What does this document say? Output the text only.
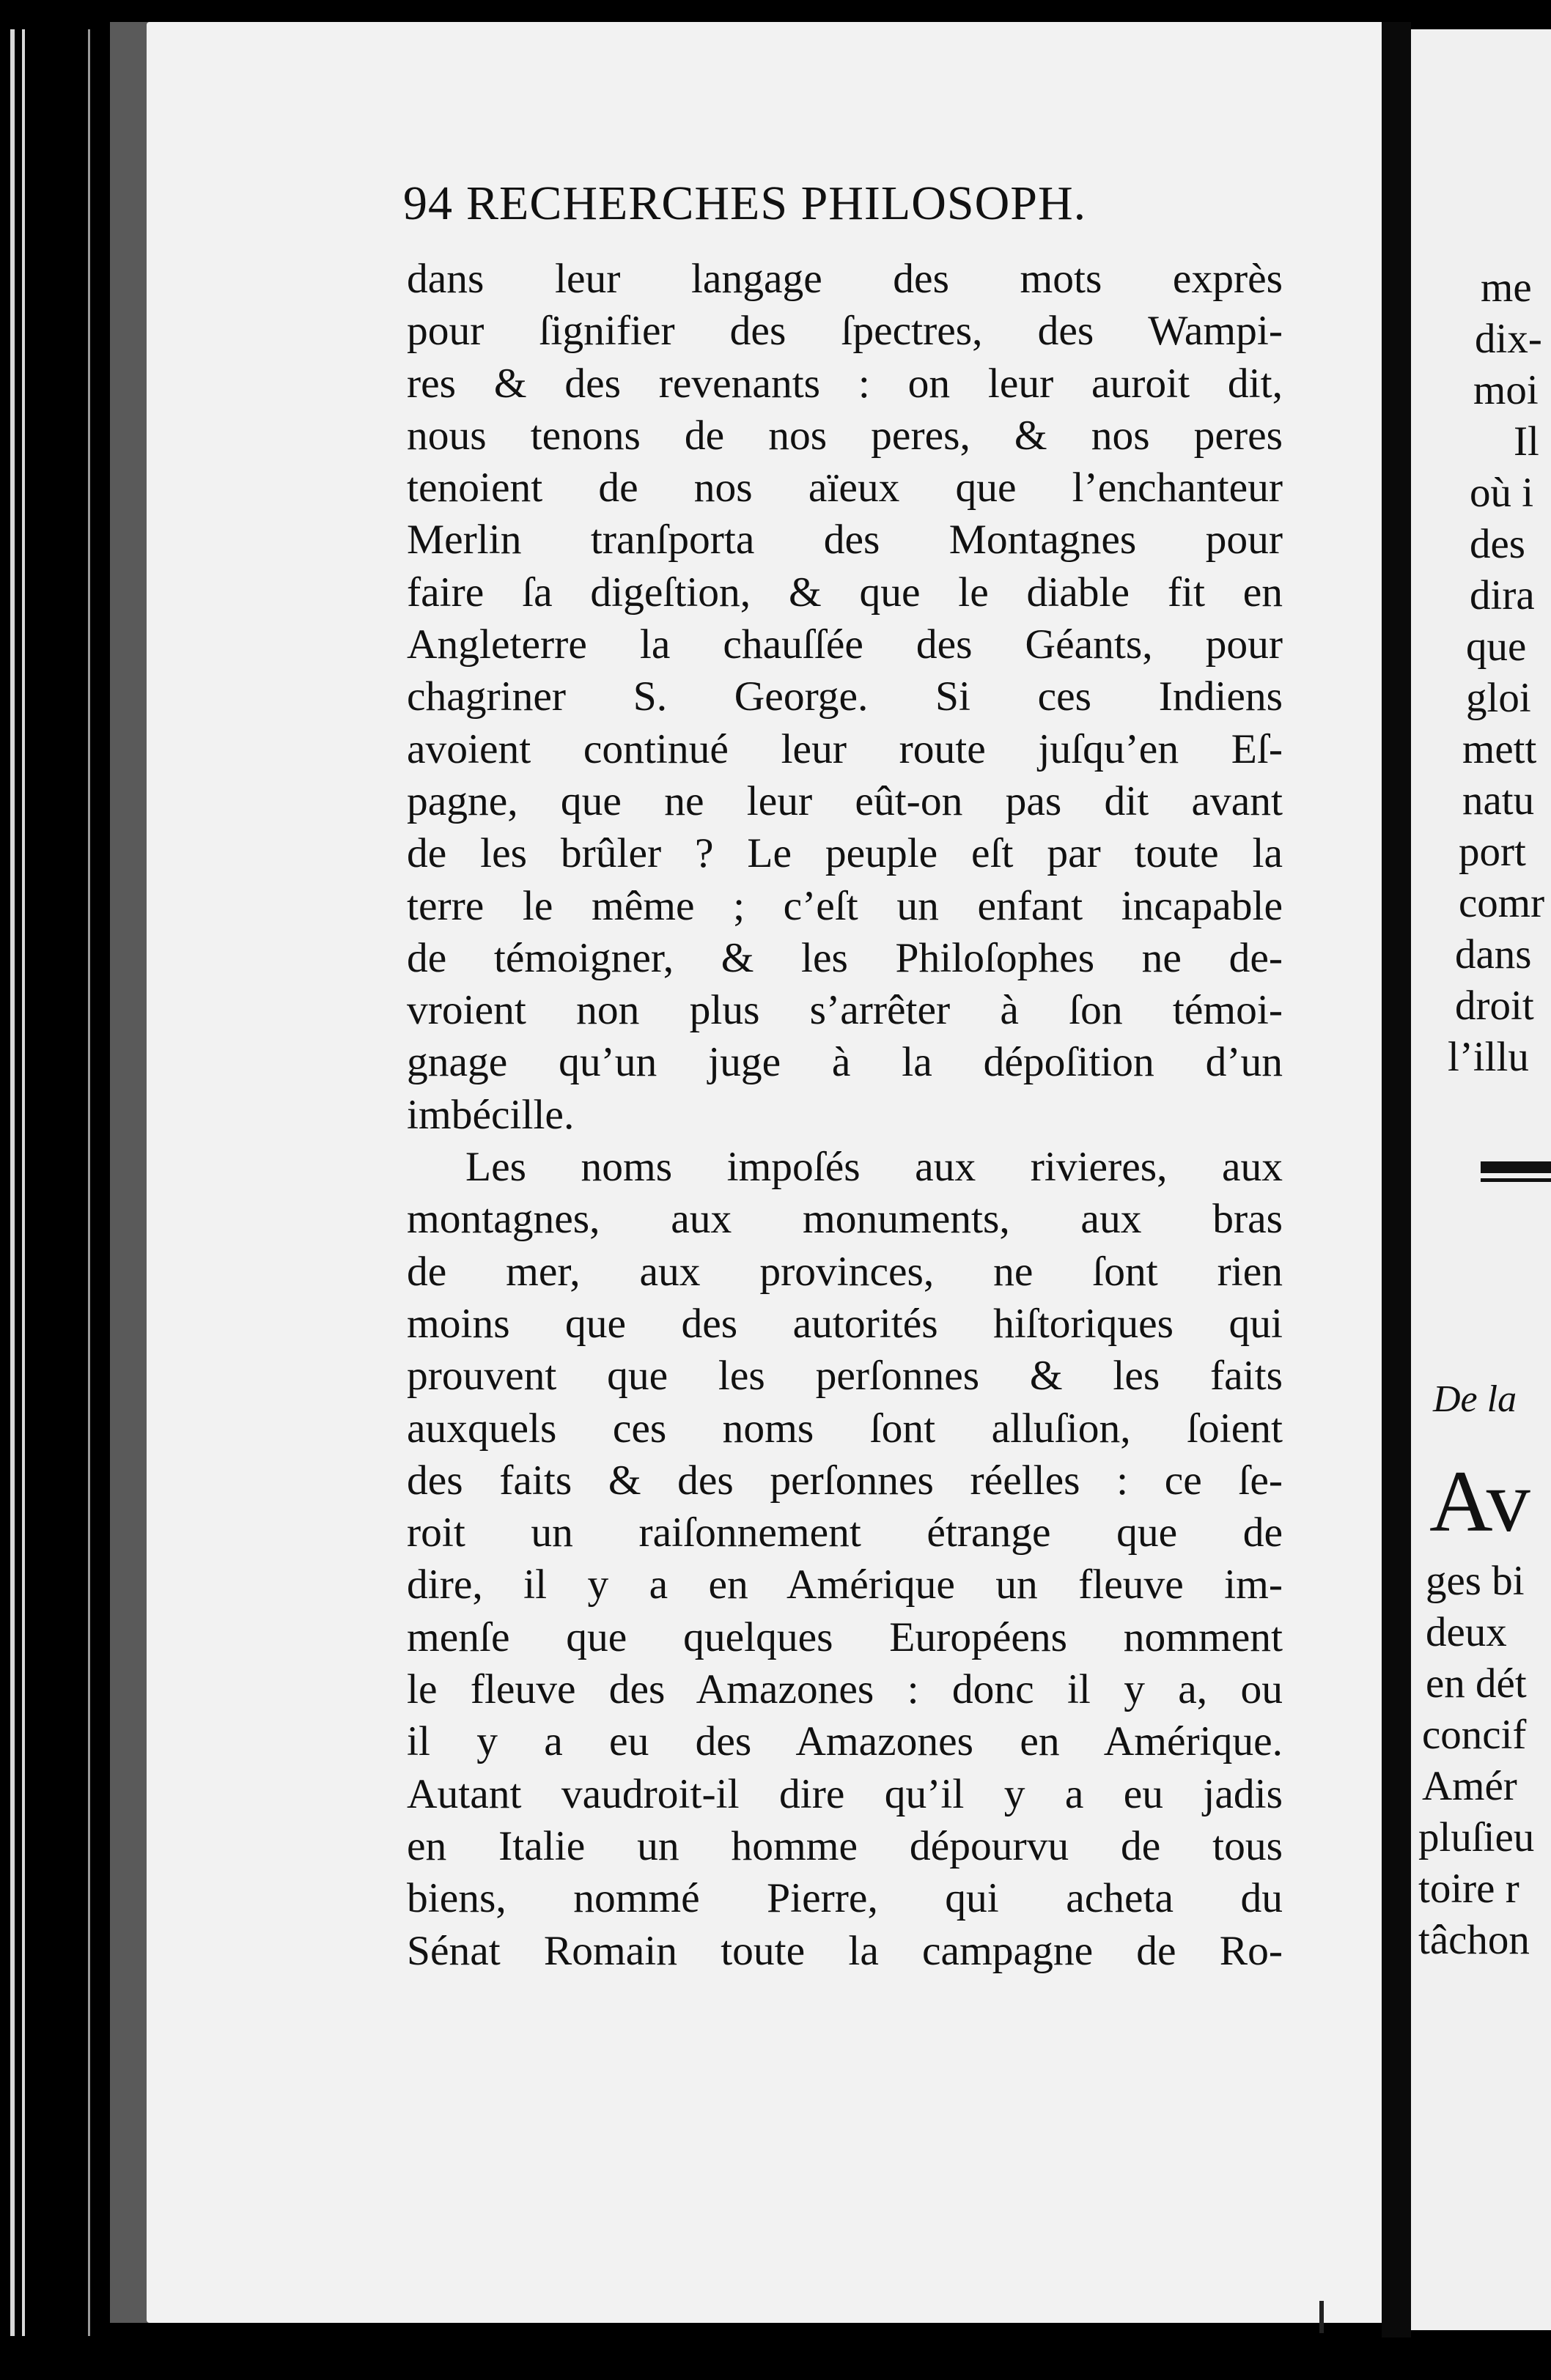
94 RECHERCHES PHILOSOPH.
dans leur langage des mots exprès
pour ſignifier des ſpectres, des Wampi-
res & des revenants : on leur auroit dit,
nous tenons de nos peres, & nos peres
tenoient de nos aïeux que l’enchanteur
Merlin tranſporta des Montagnes pour
faire ſa digeſtion, & que le diable fit en
Angleterre la chauſſée des Géants, pour
chagriner S. George. Si ces Indiens
avoient continué leur route juſqu’en Eſ-
pagne, que ne leur eût-on pas dit avant
de les brûler ? Le peuple eſt par toute la
terre le même ; c’eſt un enfant incapable
de témoigner, & les Philoſophes ne de-
vroient non plus s’arrêter à ſon témoi-
gnage qu’un juge à la dépoſition d’un
imbécille.
Les noms impoſés aux rivieres, aux
montagnes, aux monuments, aux bras
de mer, aux provinces, ne ſont rien
moins que des autorités hiſtoriques qui
prouvent que les perſonnes & les faits
auxquels ces noms ſont alluſion, ſoient
des faits & des perſonnes réelles : ce ſe-
roit un raiſonnement étrange que de
dire, il y a en Amérique un fleuve im-
menſe que quelques Européens nomment
le fleuve des Amazones : donc il y a, ou
il y a eu des Amazones en Amérique.
Autant vaudroit-il dire qu’il y a eu jadis
en Italie un homme dépourvu de tous
biens, nommé Pierre, qui acheta du
Sénat Romain toute la campagne de Ro-
me
dix-
moi
Il
où i
des
dira
que
gloi
mett
natu
port
comr
dans
droit
l’illu
De la
Av
ges bi
deux
en dét
concif
Amér
pluſieu
toire r
tâchon
